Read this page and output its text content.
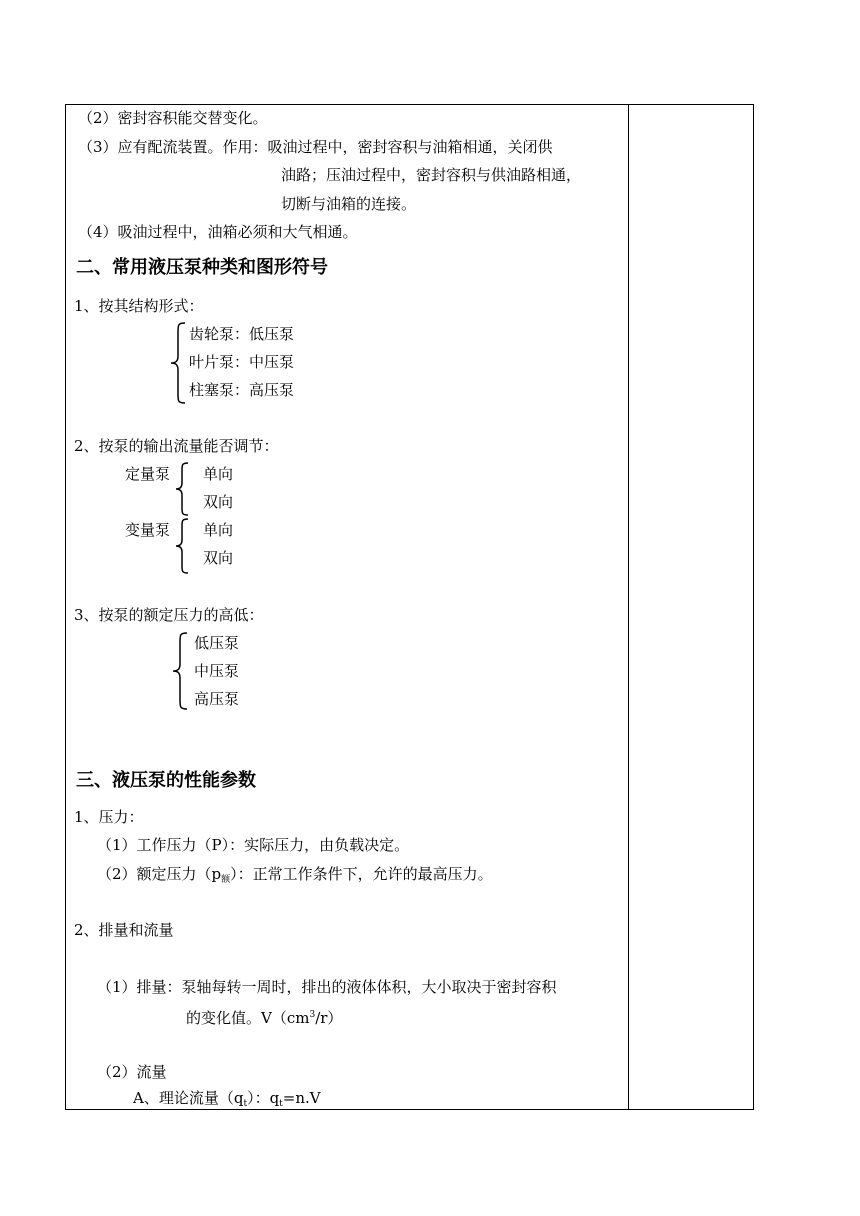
（2）密封容积能交替变化。
（3）应有配流装置。作用：吸油过程中，密封容积与油箱相通，关闭供
油路；压油过程中，密封容积与供油路相通，
切断与油箱的连接。
（4）吸油过程中，油箱必须和大气相通。
二、常用液压泵种类和图形符号
1、按其结构形式：
齿轮泵：低压泵
叶片泵：中压泵
柱塞泵：高压泵
2、按泵的输出流量能否调节：
定量泵 单向
双向
变量泵 单向
双向
3、按泵的额定压力的高低：
低压泵
中压泵
高压泵
三、液压泵的性能参数
1、压力：
（1）工作压力（P）：实际压力，由负载决定。
（2）额定压力$(p_额)$：正常工作条件下，允许的最高压力。
2、排量和流量
（1）排量：泵轴每转一周时，排出的液体体积，大小取决于密封容积
的变化值。$V(cm^3/r)$
（2）流量
A、理论流量$(q_t)$：$q_t=n.V$
